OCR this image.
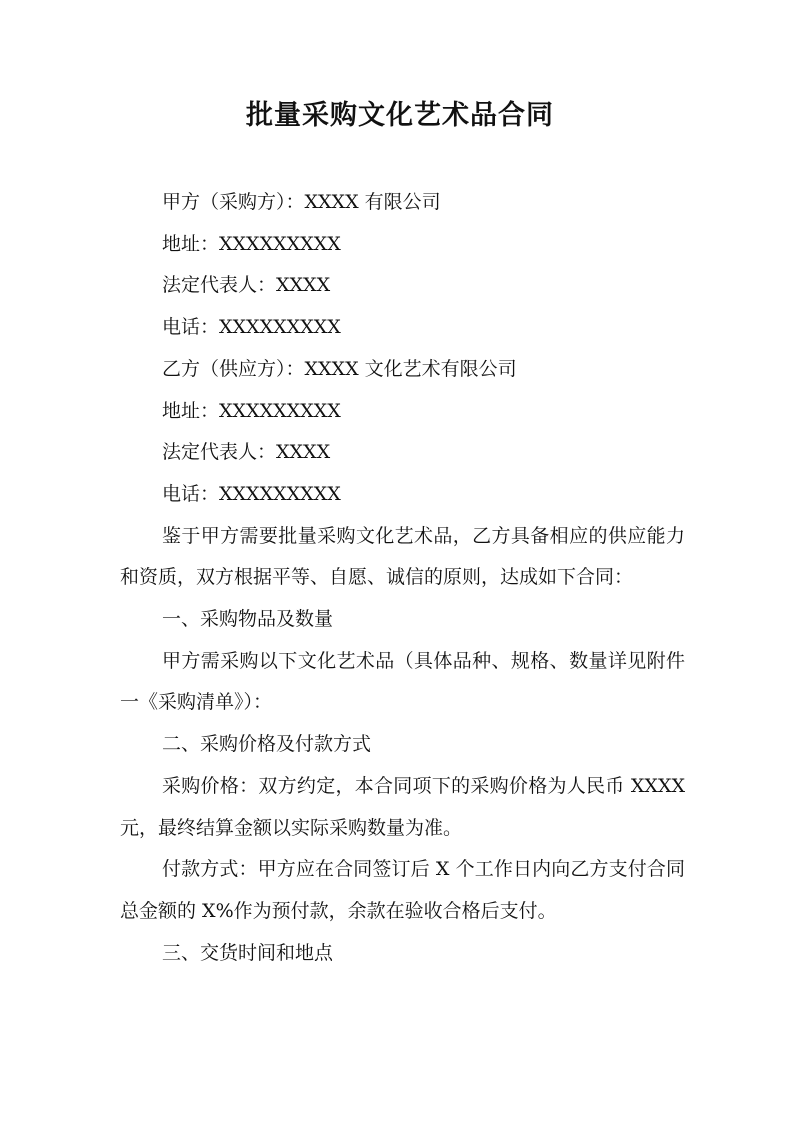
批量采购文化艺术品合同

甲方（采购方）：XXXX 有限公司

地址：XXXXXXXXX

法定代表人：XXXX

电话：XXXXXXXXX

乙方（供应方）：XXXX 文化艺术有限公司

地址：XXXXXXXXX

法定代表人：XXXX

电话：XXXXXXXXX

鉴于甲方需要批量采购文化艺术品，乙方具备相应的供应能力和资质，双方根据平等、自愿、诚信的原则，达成如下合同：

一、采购物品及数量

甲方需采购以下文化艺术品（具体品种、规格、数量详见附件一《采购清单》）：

二、采购价格及付款方式

采购价格：双方约定，本合同项下的采购价格为人民币 XXXX 元，最终结算金额以实际采购数量为准。

付款方式：甲方应在合同签订后 X 个工作日内向乙方支付合同总金额的 X%作为预付款，余款在验收合格后支付。

三、交货时间和地点
